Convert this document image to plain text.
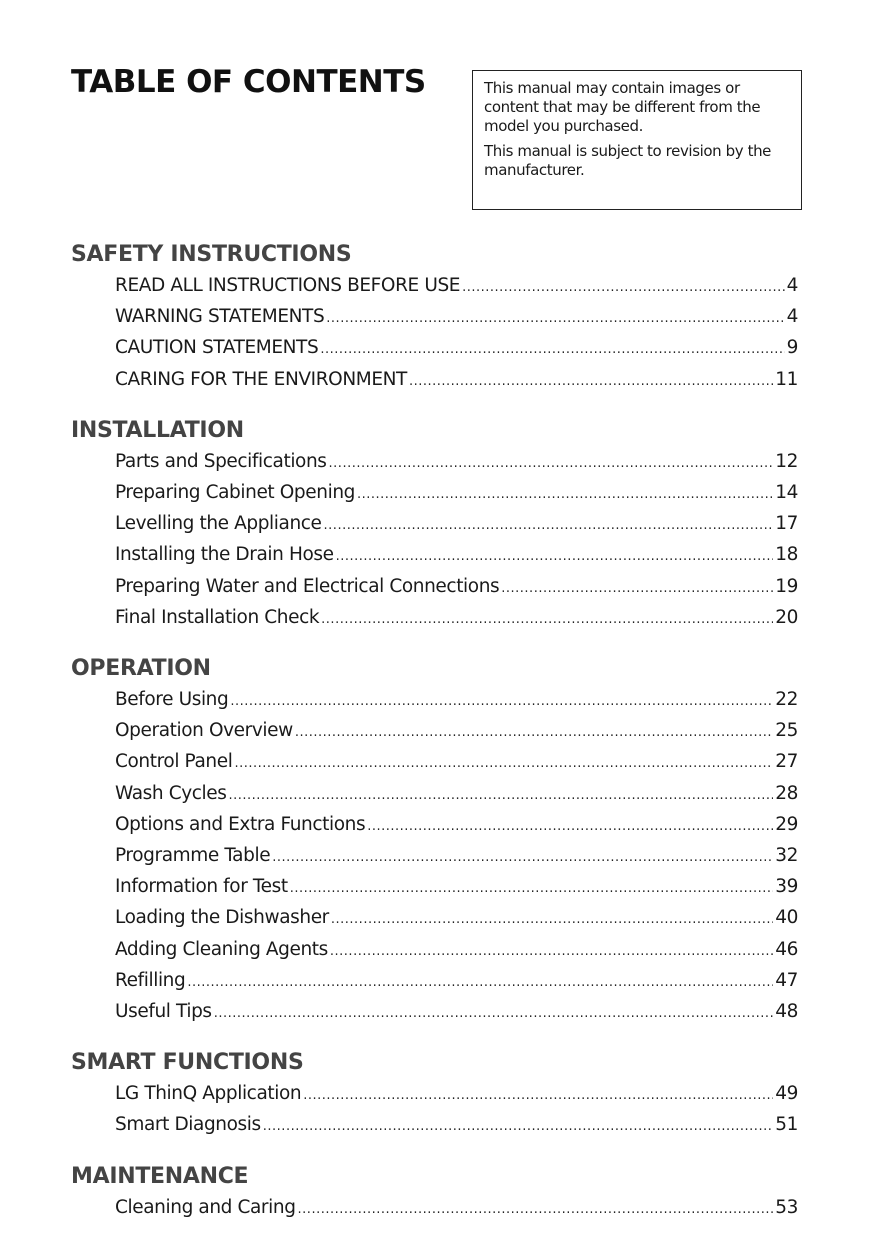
TABLE OF CONTENTS	This manual may contain images or content that may be different from the model you purchased.

This manual is subject to revision by the manufacturer.

SAFETY INSTRUCTIONS
READ ALL INSTRUCTIONS BEFORE USE .....	4
WARNING STATEMENTS .....	4
CAUTION STATEMENTS .....	9
CARING FOR THE ENVIRONMENT .....	11
INSTALLATION
Parts and Specifications .....	12
Preparing Cabinet Opening .....	14
Levelling the Appliance .....	17
Installing the Drain Hose .....	18
Preparing Water and Electrical Connections .....	19
Final Installation Check .....	20
OPERATION
Before Using .....	22
Operation Overview .....	25
Control Panel .....	27
Wash Cycles .....	28
Options and Extra Functions .....	29
Programme Table .....	32
Information for Test .....	39
Loading the Dishwasher .....	40
Adding Cleaning Agents .....	46
Refilling .....	47
Useful Tips .....	48
SMART FUNCTIONS
LG ThinQ Application .....	49
Smart Diagnosis .....	51
MAINTENANCE
Cleaning and Caring .....	53
